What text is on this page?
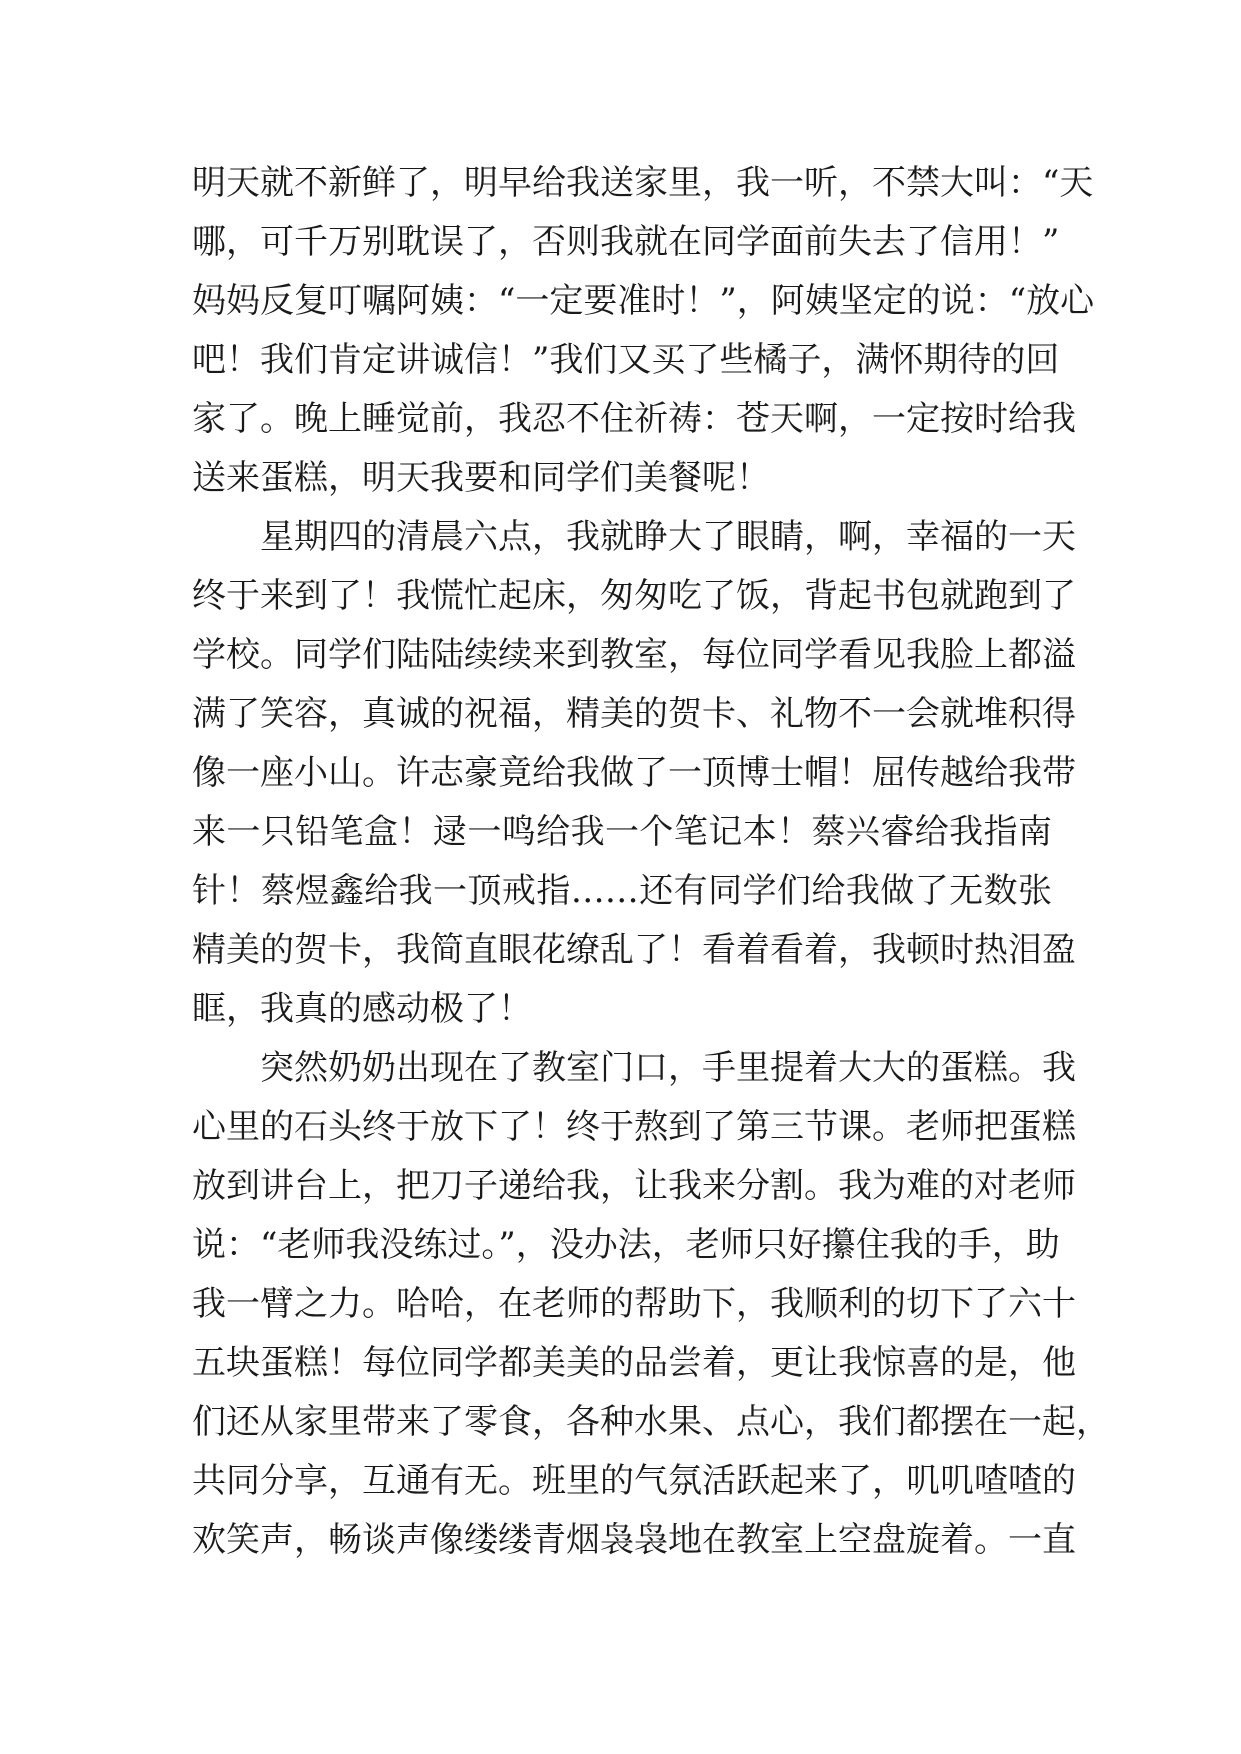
明天就不新鲜了，明早给我送家里，我一听，不禁大叫：“天
哪，可千万别耽误了，否则我就在同学面前失去了信用！”
妈妈反复叮嘱阿姨：“一定要准时！”，阿姨坚定的说：“放心
吧！我们肯定讲诚信！”我们又买了些橘子，满怀期待的回
家了。晚上睡觉前，我忍不住祈祷：苍天啊，一定按时给我
送来蛋糕，明天我要和同学们美餐呢！
星期四的清晨六点，我就睁大了眼睛，啊，幸福的一天
终于来到了！我慌忙起床，匆匆吃了饭，背起书包就跑到了
学校。同学们陆陆续续来到教室，每位同学看见我脸上都溢
满了笑容，真诚的祝福，精美的贺卡、礼物不一会就堆积得
像一座小山。许志豪竟给我做了一顶博士帽！屈传越给我带
来一只铅笔盒！逯一鸣给我一个笔记本！蔡兴睿给我指南
针！蔡煜鑫给我一顶戒指……还有同学们给我做了无数张
精美的贺卡，我简直眼花缭乱了！看着看着，我顿时热泪盈
眶，我真的感动极了！
突然奶奶出现在了教室门口，手里提着大大的蛋糕。我
心里的石头终于放下了！终于熬到了第三节课。老师把蛋糕
放到讲台上，把刀子递给我，让我来分割。我为难的对老师
说：“老师我没练过。”，没办法，老师只好攥住我的手，助
我一臂之力。哈哈，在老师的帮助下，我顺利的切下了六十
五块蛋糕！每位同学都美美的品尝着，更让我惊喜的是，他
们还从家里带来了零食，各种水果、点心，我们都摆在一起，
共同分享，互通有无。班里的气氛活跃起来了，叽叽喳喳的
欢笑声，畅谈声像缕缕青烟袅袅地在教室上空盘旋着。一直
